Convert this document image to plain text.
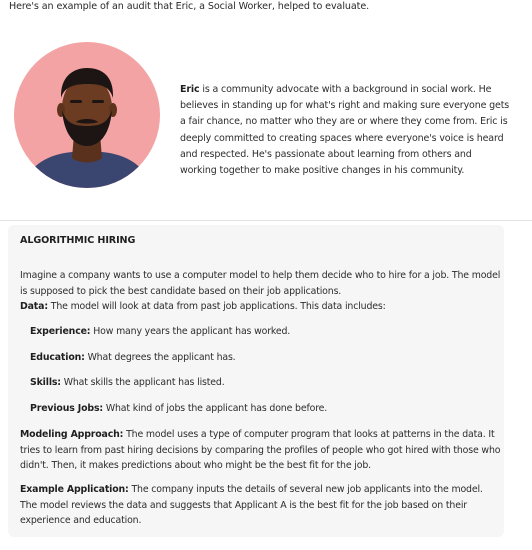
Here's an example of an audit that Eric, a Social Worker, helped to evaluate.
Eric is a community advocate with a background in social work. He believes in standing up for what's right and making sure everyone gets a fair chance, no matter who they are or where they come from. Eric is deeply committed to creating spaces where everyone's voice is heard and respected. He's passionate about learning from others and working together to make positive changes in his community.
ALGORITHMIC HIRING
Imagine a company wants to use a computer model to help them decide who to hire for a job. The model is supposed to pick the best candidate based on their job applications.
Data: The model will look at data from past job applications. This data includes:
Experience: How many years the applicant has worked.
Education: What degrees the applicant has.
Skills: What skills the applicant has listed.
Previous Jobs: What kind of jobs the applicant has done before.
Modeling Approach: The model uses a type of computer program that looks at patterns in the data. It tries to learn from past hiring decisions by comparing the profiles of people who got hired with those who didn't. Then, it makes predictions about who might be the best fit for the job.
Example Application: The company inputs the details of several new job applicants into the model. The model reviews the data and suggests that Applicant A is the best fit for the job based on their experience and education.
